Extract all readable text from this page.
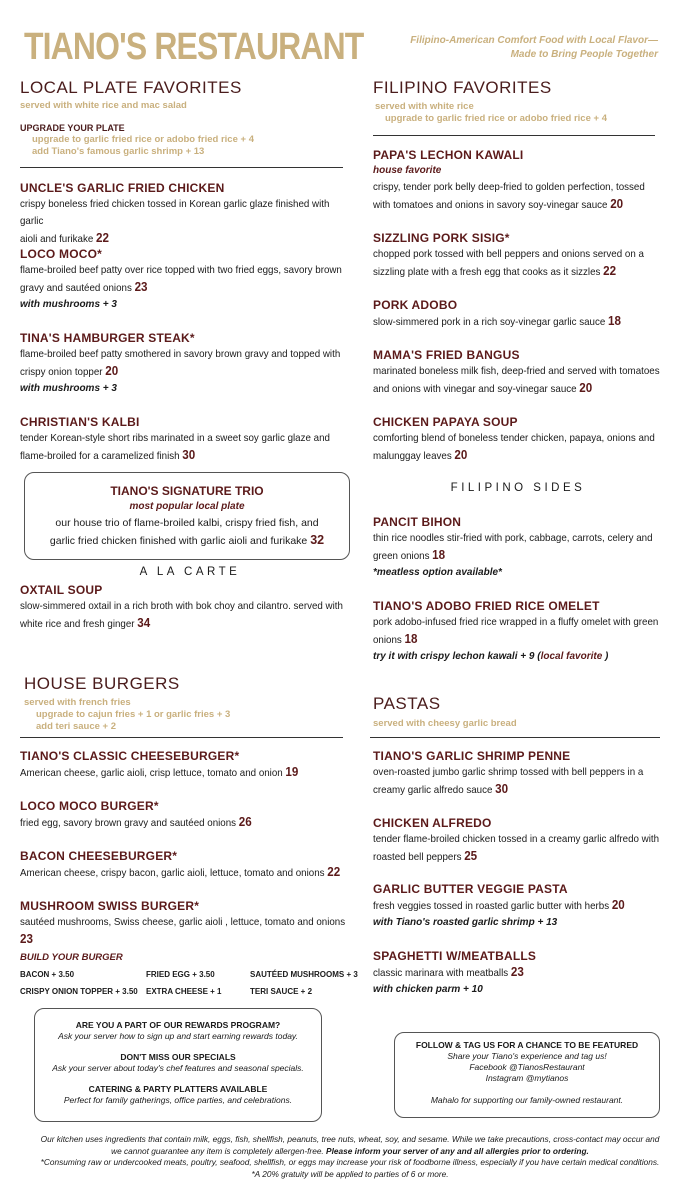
TIANO'S RESTAURANT	Filipino-American Comfort Food with Local Flavor—
Made to Bring People Together
LOCAL PLATE FAVORITES
served with white rice and mac salad
UPGRADE YOUR PLATE
upgrade to garlic fried rice or adobo fried rice + 4
add Tiano's famous garlic shrimp + 13
UNCLE'S GARLIC FRIED CHICKEN
crispy boneless fried chicken tossed in Korean garlic glaze finished with garlic
aioli and furikake 22
LOCO MOCO*
flame-broiled beef patty over rice topped with two fried eggs, savory brown
gravy and sautéed onions 23
with mushrooms + 3
TINA'S HAMBURGER STEAK*
flame-broiled beef patty smothered in savory brown gravy and topped with
crispy onion topper 20
with mushrooms + 3
CHRISTIAN'S KALBI
tender Korean-style short ribs marinated in a sweet soy garlic glaze and
flame-broiled for a caramelized finish 30
TIANO'S SIGNATURE TRIO
most popular local plate
our house trio of flame-broiled kalbi, crispy fried fish, and
garlic fried chicken finished with garlic aioli and furikake 32
A LA CARTE
OXTAIL SOUP
slow-simmered oxtail in a rich broth with bok choy and cilantro. served with
white rice and fresh ginger 34
FILIPINO FAVORITES
served with white rice
upgrade to garlic fried rice or adobo fried rice + 4
PAPA'S LECHON KAWALI
house favorite
crispy, tender pork belly deep-fried to golden perfection, tossed
with tomatoes and onions in savory soy-vinegar sauce 20
SIZZLING PORK SISIG*
chopped pork tossed with bell peppers and onions served on a
sizzling plate with a fresh egg that cooks as it sizzles 22
PORK ADOBO
slow-simmered pork in a rich soy-vinegar garlic sauce 18
MAMA'S FRIED BANGUS
marinated boneless milk fish, deep-fried and served with tomatoes
and onions with vinegar and soy-vinegar sauce 20
CHICKEN PAPAYA SOUP
comforting blend of boneless tender chicken, papaya, onions and
malunggay leaves 20
FILIPINO SIDES
PANCIT BIHON
thin rice noodles stir-fried with pork, cabbage, carrots, celery and
green onions 18
*meatless option available*
TIANO'S ADOBO FRIED RICE OMELET
pork adobo-infused fried rice wrapped in a fluffy omelet with green
onions 18
try it with crispy lechon kawali + 9 (local favorite )
HOUSE BURGERS
served with french fries
upgrade to cajun fries + 1 or garlic fries + 3
add teri sauce + 2
TIANO'S CLASSIC CHEESEBURGER*
American cheese, garlic aioli, crisp lettuce, tomato and onion 19
LOCO MOCO BURGER*
fried egg, savory brown gravy and sautéed onions 26
BACON CHEESEBURGER*
American cheese, crispy bacon, garlic aioli, lettuce, tomato and onions 22
MUSHROOM SWISS BURGER*
sautéed mushrooms, Swiss cheese, garlic aioli , lettuce, tomato and onions 23
BUILD YOUR BURGER
BACON + 3.50	FRIED EGG + 3.50	SAUTÉED MUSHROOMS + 3
CRISPY ONION TOPPER + 3.50 EXTRA CHEESE + 1	TERI SAUCE + 2
PASTAS
served with cheesy garlic bread
TIANO'S GARLIC SHRIMP PENNE
oven-roasted jumbo garlic shrimp tossed with bell peppers in a
creamy garlic alfredo sauce 30
CHICKEN ALFREDO
tender flame-broiled chicken tossed in a creamy garlic alfredo with
roasted bell peppers 25
GARLIC BUTTER VEGGIE PASTA
fresh veggies tossed in roasted garlic butter with herbs 20
with Tiano's roasted garlic shrimp + 13
SPAGHETTI W/MEATBALLS
classic marinara with meatballs 23
with chicken parm + 10
ARE YOU A PART OF OUR REWARDS PROGRAM?
Ask your server how to sign up and start earning rewards today.
DON'T MISS OUR SPECIALS
Ask your server about today's chef features and seasonal specials.
CATERING & PARTY PLATTERS AVAILABLE
Perfect for family gatherings, office parties, and celebrations.
FOLLOW & TAG US FOR A CHANCE TO BE FEATURED
Share your Tiano's experience and tag us!
Facebook @TianosRestaurant
Instagram @mytianos
Mahalo for supporting our family-owned restaurant.
Our kitchen uses ingredients that contain milk, eggs, fish, shellfish, peanuts, tree nuts, wheat, soy, and sesame. While we take precautions, cross-contact may occur and
we cannot guarantee any item is completely allergen-free. Please inform your server of any and all allergies prior to ordering.
*Consuming raw or undercooked meats, poultry, seafood, shellfish, or eggs may increase your risk of foodborne illness, especially if you have certain medical conditions.
*A 20% gratuity will be applied to parties of 6 or more.
